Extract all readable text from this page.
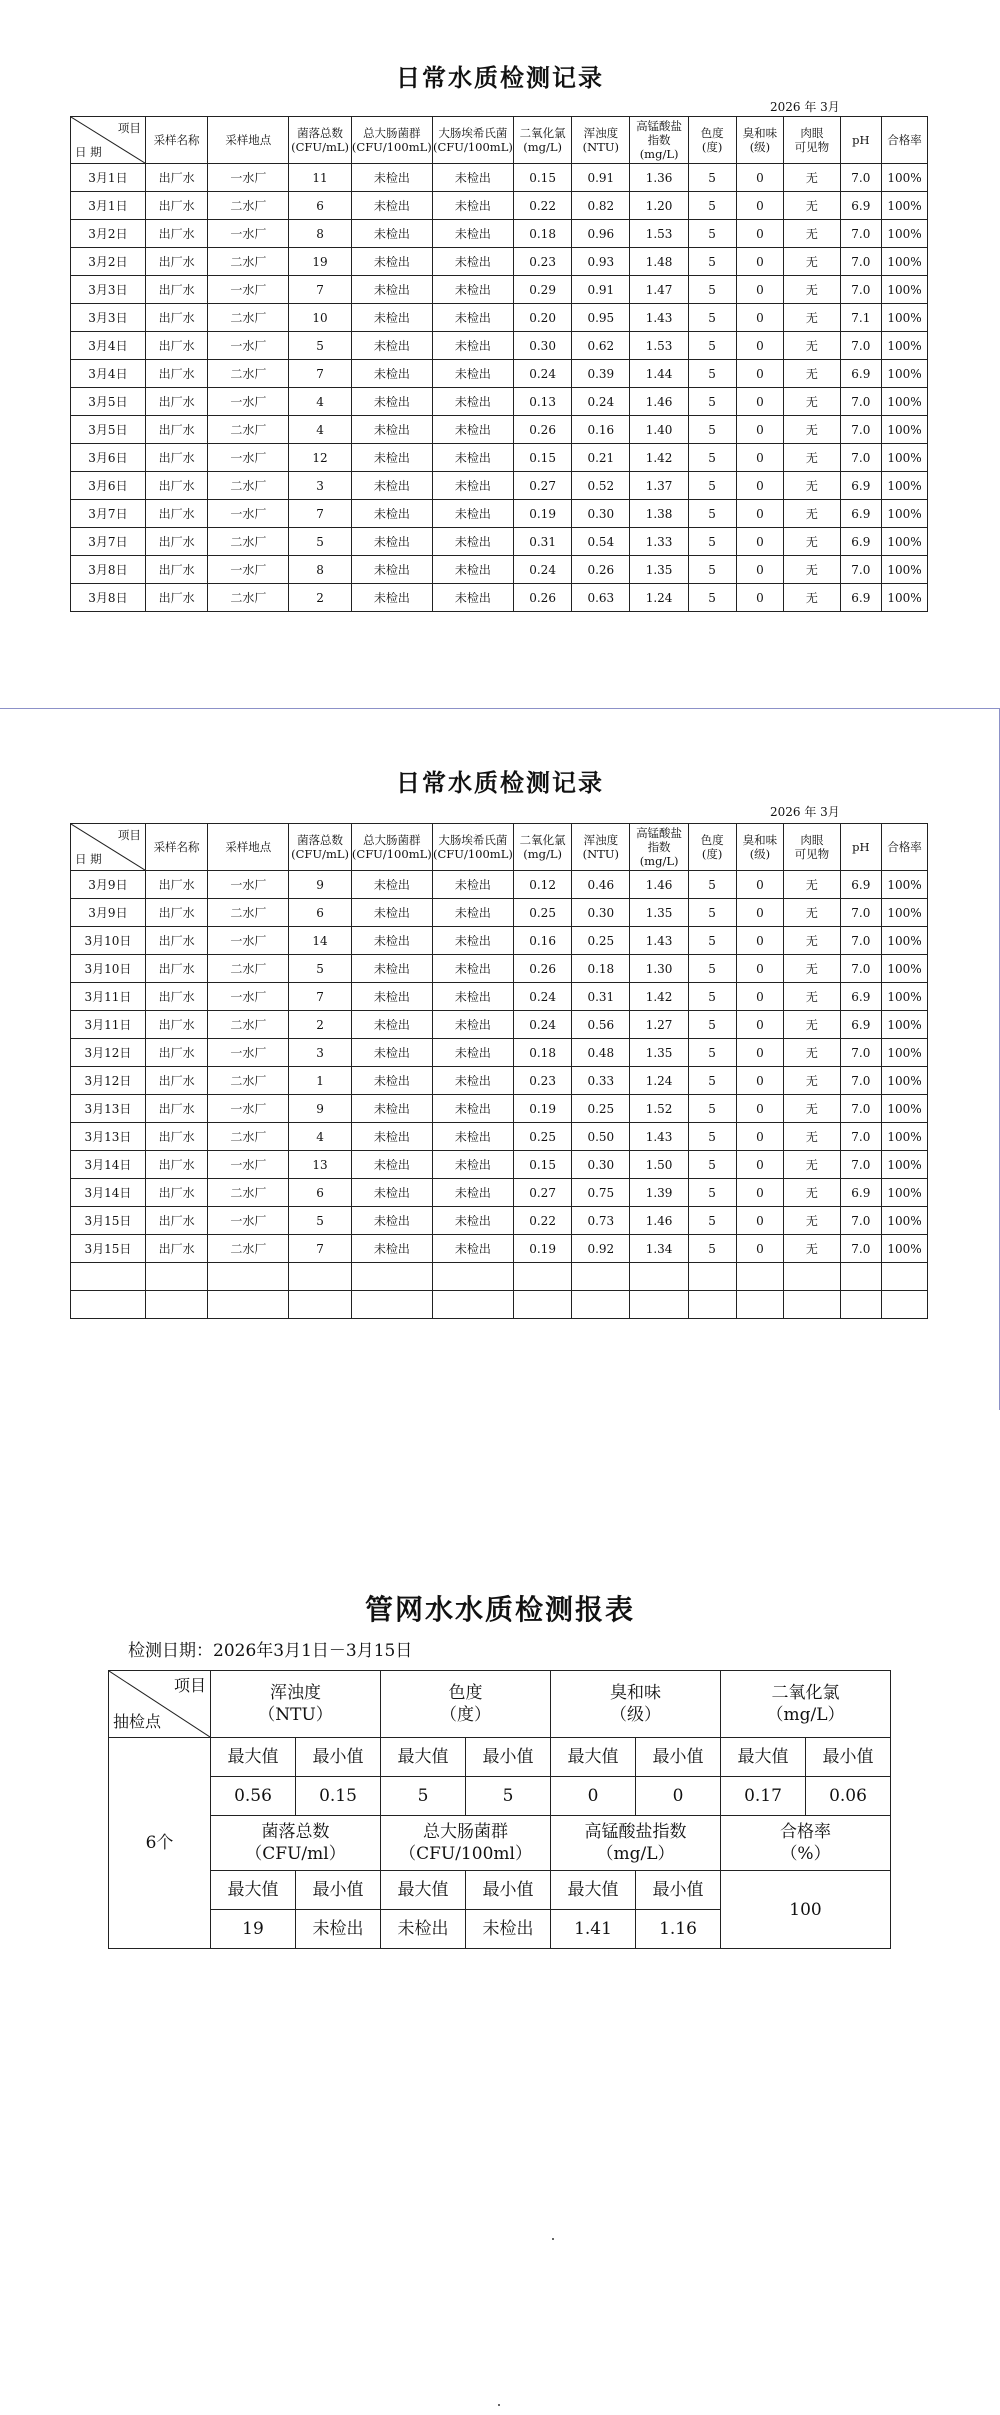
日常水质检测记录
2026 年 3月
项目
日 期	采样名称	采样地点	菌落总数
(CFU/mL)	总大肠菌群
(CFU/100mL)	大肠埃希氏菌
(CFU/100mL)	二氧化氯
(mg/L)	浑浊度
(NTU)	高锰酸盐
指数
(mg/L)	色度
(度)	臭和味
(级)	肉眼
可见物	pH	合格率
3月1日	出厂水	一水厂	11	未检出	未检出	0.15	0.91	1.36	5	0	无	7.0	100%
3月1日	出厂水	二水厂	6	未检出	未检出	0.22	0.82	1.20	5	0	无	6.9	100%
3月2日	出厂水	一水厂	8	未检出	未检出	0.18	0.96	1.53	5	0	无	7.0	100%
3月2日	出厂水	二水厂	19	未检出	未检出	0.23	0.93	1.48	5	0	无	7.0	100%
3月3日	出厂水	一水厂	7	未检出	未检出	0.29	0.91	1.47	5	0	无	7.0	100%
3月3日	出厂水	二水厂	10	未检出	未检出	0.20	0.95	1.43	5	0	无	7.1	100%
3月4日	出厂水	一水厂	5	未检出	未检出	0.30	0.62	1.53	5	0	无	7.0	100%
3月4日	出厂水	二水厂	7	未检出	未检出	0.24	0.39	1.44	5	0	无	6.9	100%
3月5日	出厂水	一水厂	4	未检出	未检出	0.13	0.24	1.46	5	0	无	7.0	100%
3月5日	出厂水	二水厂	4	未检出	未检出	0.26	0.16	1.40	5	0	无	7.0	100%
3月6日	出厂水	一水厂	12	未检出	未检出	0.15	0.21	1.42	5	0	无	7.0	100%
3月6日	出厂水	二水厂	3	未检出	未检出	0.27	0.52	1.37	5	0	无	6.9	100%
3月7日	出厂水	一水厂	7	未检出	未检出	0.19	0.30	1.38	5	0	无	6.9	100%
3月7日	出厂水	二水厂	5	未检出	未检出	0.31	0.54	1.33	5	0	无	6.9	100%
3月8日	出厂水	一水厂	8	未检出	未检出	0.24	0.26	1.35	5	0	无	7.0	100%
3月8日	出厂水	二水厂	2	未检出	未检出	0.26	0.63	1.24	5	0	无	6.9	100%
日常水质检测记录
2026 年 3月
项目
日 期	采样名称	采样地点	菌落总数
(CFU/mL)	总大肠菌群
(CFU/100mL)	大肠埃希氏菌
(CFU/100mL)	二氧化氯
(mg/L)	浑浊度
(NTU)	高锰酸盐
指数
(mg/L)	色度
(度)	臭和味
(级)	肉眼
可见物	pH	合格率
3月9日	出厂水	一水厂	9	未检出	未检出	0.12	0.46	1.46	5	0	无	6.9	100%
3月9日	出厂水	二水厂	6	未检出	未检出	0.25	0.30	1.35	5	0	无	7.0	100%
3月10日	出厂水	一水厂	14	未检出	未检出	0.16	0.25	1.43	5	0	无	7.0	100%
3月10日	出厂水	二水厂	5	未检出	未检出	0.26	0.18	1.30	5	0	无	7.0	100%
3月11日	出厂水	一水厂	7	未检出	未检出	0.24	0.31	1.42	5	0	无	6.9	100%
3月11日	出厂水	二水厂	2	未检出	未检出	0.24	0.56	1.27	5	0	无	6.9	100%
3月12日	出厂水	一水厂	3	未检出	未检出	0.18	0.48	1.35	5	0	无	7.0	100%
3月12日	出厂水	二水厂	1	未检出	未检出	0.23	0.33	1.24	5	0	无	7.0	100%
3月13日	出厂水	一水厂	9	未检出	未检出	0.19	0.25	1.52	5	0	无	7.0	100%
3月13日	出厂水	二水厂	4	未检出	未检出	0.25	0.50	1.43	5	0	无	7.0	100%
3月14日	出厂水	一水厂	13	未检出	未检出	0.15	0.30	1.50	5	0	无	7.0	100%
3月14日	出厂水	二水厂	6	未检出	未检出	0.27	0.75	1.39	5	0	无	6.9	100%
3月15日	出厂水	一水厂	5	未检出	未检出	0.22	0.73	1.46	5	0	无	7.0	100%
3月15日	出厂水	二水厂	7	未检出	未检出	0.19	0.92	1.34	5	0	无	7.0	100%

管网水水质检测报表
检测日期：2026年3月1日－3月15日
项目
抽检点	浑浊度
（NTU）		色度
（度）		臭和味
（级）		二氧化氯
（mg/L）	
6个	最大值	最小值	最大值	最小值	最大值	最小值	最大值	最小值
	0.56	0.15	5	5	0	0	0.17	0.06
	菌落总数
（CFU/ml）		总大肠菌群
（CFU/100ml）		高锰酸盐指数
（mg/L）		合格率
（%）	
	最大值	最小值	最大值	最小值	最大值	最小值	100	
	19	未检出	未检出	未检出	1.41	1.16		
